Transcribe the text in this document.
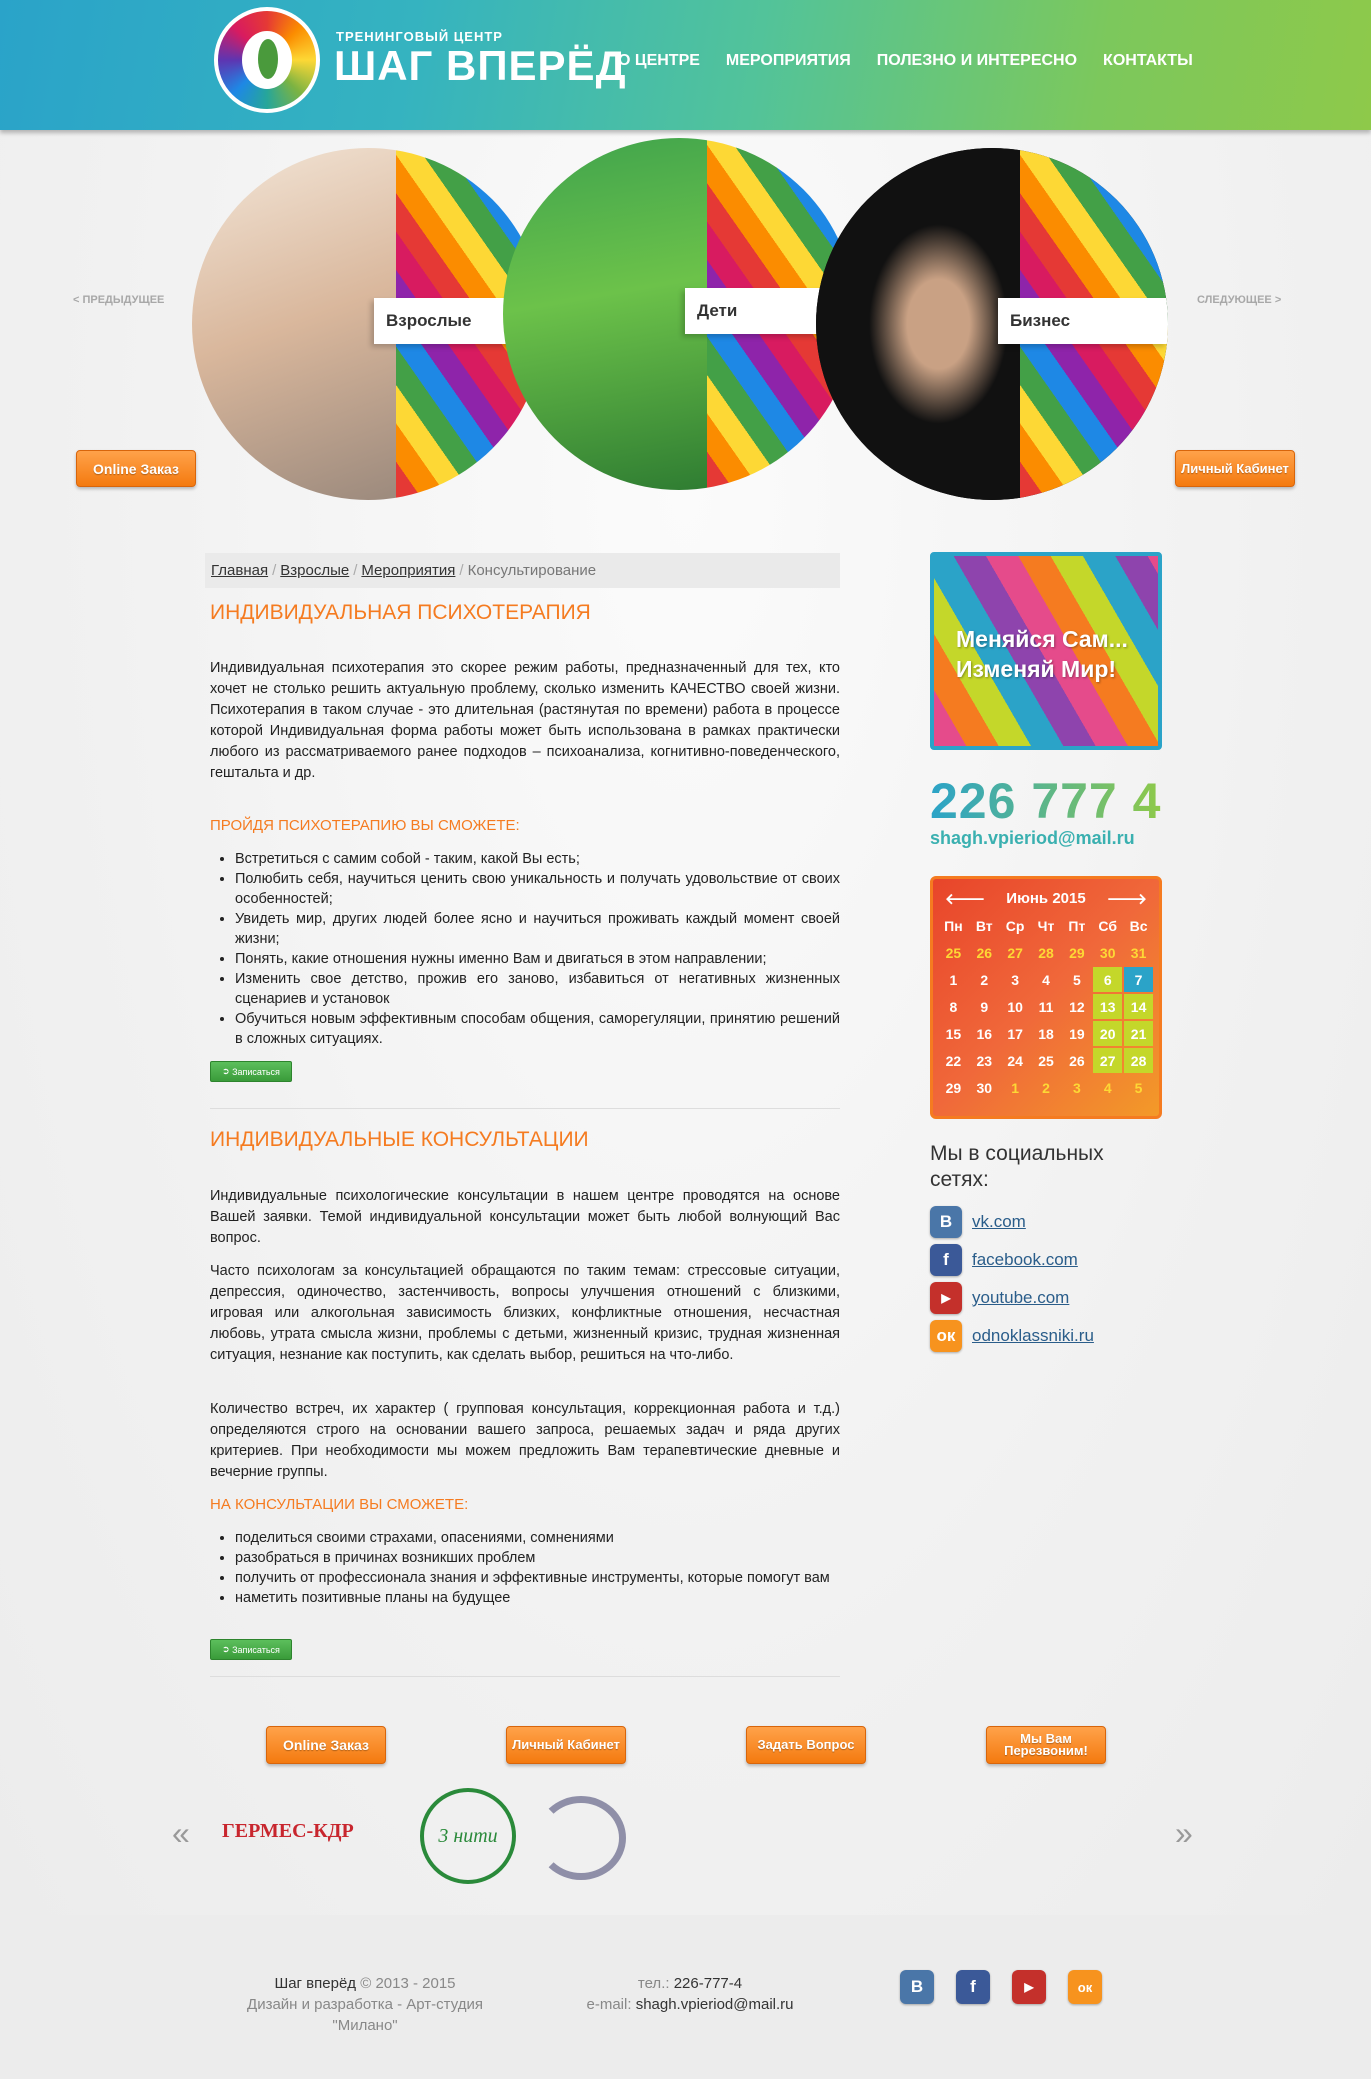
ТРЕНИНГОВЫЙ ЦЕНТР
ШАГ ВПЕРЁД
О ЦЕНТРЕ МЕРОПРИЯТИЯ ПОЛЕЗНО И ИНТЕРЕСНО КОНТАКТЫ
< ПРЕДЫДУЩЕЕ	СЛЕДУЮЩЕЕ >
Взрослые
Дети
Бизнес
Online Заказ	Личный Кабинет
Главная / Взрослые / Мероприятия / Консультирование
ИНДИВИДУАЛЬНАЯ ПСИХОТЕРАПИЯ

Индивидуальная психотерапия это скорее режим работы, предназначенный для тех, кто хочет не столько решить актуальную проблему, сколько изменить КАЧЕСТВО своей жизни. Психотерапия в таком случае - это длительная (растянутая по времени) работа в процессе которой Индивидуальная форма работы может быть использована в рамках практически любого из рассматриваемого ранее подходов – психоанализа, когнитивно-поведенческого, гештальта и др.

ПРОЙДЯ ПСИХОТЕРАПИЮ ВЫ СМОЖЕТЕ:
• Встретиться с самим собой - таким, какой Вы есть;
• Полюбить себя, научиться ценить свою уникальность и получать удовольствие от своих особенностей;
• Увидеть мир, других людей более ясно и научиться проживать каждый момент своей жизни;
• Понять, какие отношения нужны именно Вам и двигаться в этом направлении;
• Изменить свое детство, прожив его заново, избавиться от негативных жизненных сценариев и установок
• Обучиться новым эффективным способам общения, саморегуляции, принятию решений в сложных ситуациях.
➲ Записаться
ИНДИВИДУАЛЬНЫЕ КОНСУЛЬТАЦИИ

Индивидуальные психологические консультации в нашем центре проводятся на основе Вашей заявки. Темой индивидуальной консультации может быть любой волнующий Вас вопрос.

Часто психологам за консультацией обращаются по таким темам: стрессовые ситуации, депрессия, одиночество, застенчивость, вопросы улучшения отношений с близкими, игровая или алкогольная зависимость близких, конфликтные отношения, несчастная любовь, утрата смысла жизни, проблемы с детьми, жизненный кризис, трудная жизненная ситуация, незнание как поступить, как сделать выбор, решиться на что-либо.

Количество встреч, их характер ( групповая консультация, коррекционная работа и т.д.) определяются строго на основании вашего запроса, решаемых задач и ряда других критериев. При необходимости мы можем предложить Вам терапевтические дневные и вечерние группы.

НА КОНСУЛЬТАЦИИ ВЫ СМОЖЕТЕ:
• поделиться своими страхами, опасениями, сомнениями
• разобраться в причинах возникших проблем
• получить от профессионала знания и эффективные инструменты, которые помогут вам
• наметить позитивные планы на будущее
➲ Записаться
Меняйся Сам... Изменяй Мир!
226 777 4
shagh.vpieriod@mail.ru
🡐 Июнь 2015 🡒
Пн Вт Ср Чт	Пт Сб Вс
25	26	27	28	29	30	31
1	2	3	4	5	6	7
8	9	10	11	12	13	14
15	16	17	18	19	20	21
22	23	24	25	26	27	28
29	30	1	2	3	4	5
Мы в социальных сетях:
В	vk.com
f	facebook.com
▶	youtube.com
ок odnoklassniki.ru
Online Заказ	Личный Кабинет	Задать Вопрос	Мы Вам Перезвоним!
«	»
ГЕРМЕС-КДР	3 нити
Шаг вперёд © 2013 - 2015
Дизайн и разработка - Арт-студия "Милано"
тел.: 226-777-4
e-mail: shagh.vpieriod@mail.ru
В	f	▶	ок
